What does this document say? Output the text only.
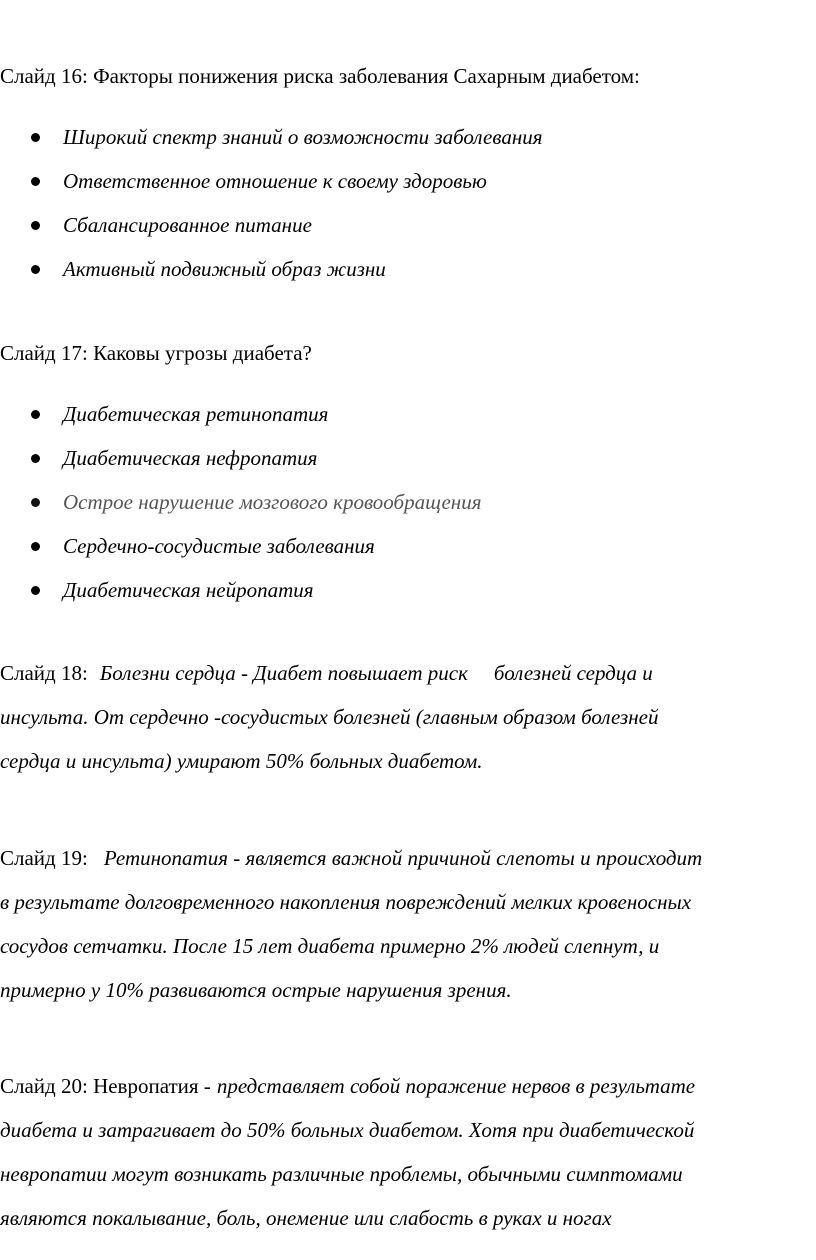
Слайд 16: Факторы понижения риска заболевания Сахарным диабетом:
Широкий спектр знаний о возможности заболевания
Ответственное отношение к своему здоровью
Сбалансированное питание
Активный подвижный образ жизни
Слайд 17: Каковы угрозы диабета?
Диабетическая ретинопатия
Диабетическая нефропатия
Острое нарушение мозгового кровообращения
Сердечно-сосудистые заболевания
Диабетическая нейропатия
Слайд 18: Болезни сердца - Диабет повышает риск болезней сердца и
инсульта. От сердечно -сосудистых болезней (главным образом болезней
сердца и инсульта) умирают 50% больных диабетом.
Слайд 19: Ретинопатия - является важной причиной слепоты и происходит
в результате долговременного накопления повреждений мелких кровеносных
сосудов сетчатки. После 15 лет диабета примерно 2% людей слепнут, и
примерно у 10% развиваются острые нарушения зрения.
Слайд 20: Невропатия - представляет собой поражение нервов в результате
диабета и затрагивает до 50% больных диабетом. Хотя при диабетической
невропатии могут возникать различные проблемы, обычными симптомами
являются покалывание, боль, онемение или слабость в руках и ногах
